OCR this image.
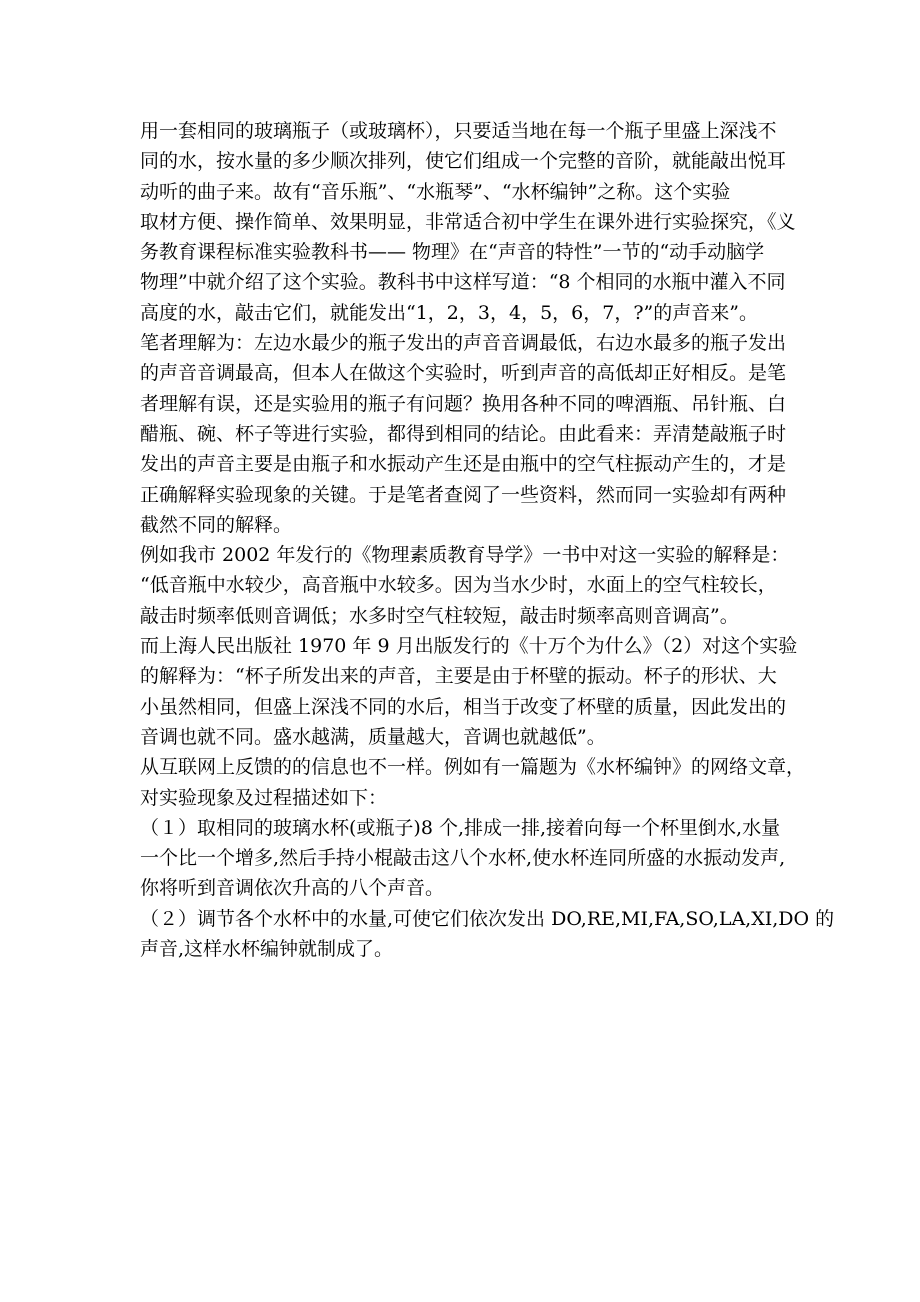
用一套相同的玻璃瓶子（或玻璃杯），只要适当地在每一个瓶子里盛上深浅不
同的水，按水量的多少顺次排列，使它们组成一个完整的音阶，就能敲出悦耳
动听的曲子来。故有“音乐瓶”、“水瓶琴”、“水杯编钟”之称。这个实验
取材方便、操作简单、效果明显，非常适合初中学生在课外进行实验探究，《义
务教育课程标准实验教科书—— 物理》在“声音的特性”一节的“动手动脑学
物理”中就介绍了这个实验。教科书中这样写道：“8 个相同的水瓶中灌入不同
高度的水，敲击它们，就能发出“1，2，3，4，5，6，7，?”的声音来”。
笔者理解为：左边水最少的瓶子发出的声音音调最低，右边水最多的瓶子发出
的声音音调最高，但本人在做这个实验时，听到声音的高低却正好相反。是笔
者理解有误，还是实验用的瓶子有问题？换用各种不同的啤酒瓶、吊针瓶、白
醋瓶、碗、杯子等进行实验，都得到相同的结论。由此看来：弄清楚敲瓶子时
发出的声音主要是由瓶子和水振动产生还是由瓶中的空气柱振动产生的，才是
正确解释实验现象的关键。于是笔者查阅了一些资料，然而同一实验却有两种
截然不同的解释。
例如我市 2002 年发行的《物理素质教育导学》一书中对这一实验的解释是：
“低音瓶中水较少，高音瓶中水较多。因为当水少时，水面上的空气柱较长，
敲击时频率低则音调低；水多时空气柱较短，敲击时频率高则音调高”。
而上海人民出版社 1970 年 9 月出版发行的《十万个为什么》（2）对这个实验
的解释为：“杯子所发出来的声音，主要是由于杯壁的振动。杯子的形状、大
小虽然相同，但盛上深浅不同的水后，相当于改变了杯壁的质量，因此发出的
音调也就不同。盛水越满，质量越大，音调也就越低”。
从互联网上反馈的的信息也不一样。例如有一篇题为《水杯编钟》的网络文章，
对实验现象及过程描述如下：
（１）取相同的玻璃水杯(或瓶子)8 个,排成一排,接着向每一个杯里倒水,水量
一个比一个增多,然后手持小棍敲击这八个水杯,使水杯连同所盛的水振动发声,
你将听到音调依次升高的八个声音。
（２）调节各个水杯中的水量,可使它们依次发出 DO,RE,MI,FA,SO,LA,XI,DO 的
声音,这样水杯编钟就制成了。
